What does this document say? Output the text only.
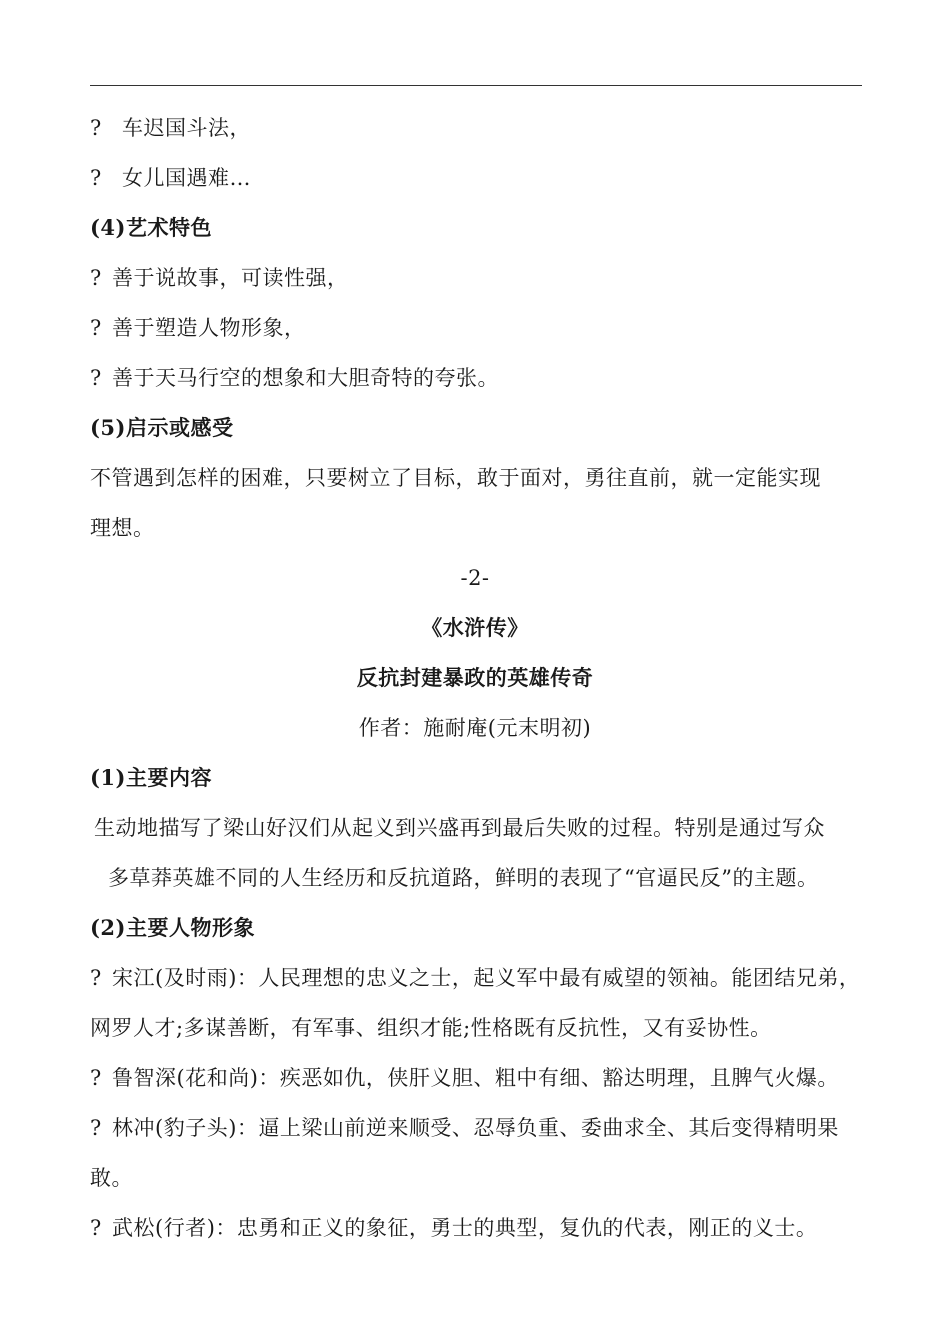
? 车迟国斗法，
? 女儿国遇难…
(4)艺术特色
? 善于说故事，可读性强，
? 善于塑造人物形象，
? 善于天马行空的想象和大胆奇特的夸张。
(5)启示或感受
不管遇到怎样的困难，只要树立了目标，敢于面对，勇往直前，就一定能实现
理想。
-2-
《水浒传》
反抗封建暴政的英雄传奇
作者：施耐庵(元末明初)
(1)主要内容
生动地描写了梁山好汉们从起义到兴盛再到最后失败的过程。特别是通过写众
多草莽英雄不同的人生经历和反抗道路，鲜明的表现了“官逼民反”的主题。
(2)主要人物形象
? 宋江(及时雨)：人民理想的忠义之士，起义军中最有威望的领袖。能团结兄弟，
网罗人才;多谋善断，有军事、组织才能;性格既有反抗性，又有妥协性。
? 鲁智深(花和尚)：疾恶如仇，侠肝义胆、粗中有细、豁达明理，且脾气火爆。
? 林冲(豹子头)：逼上梁山前逆来顺受、忍辱负重、委曲求全、其后变得精明果
敢。
? 武松(行者)：忠勇和正义的象征，勇士的典型，复仇的代表，刚正的义士。
